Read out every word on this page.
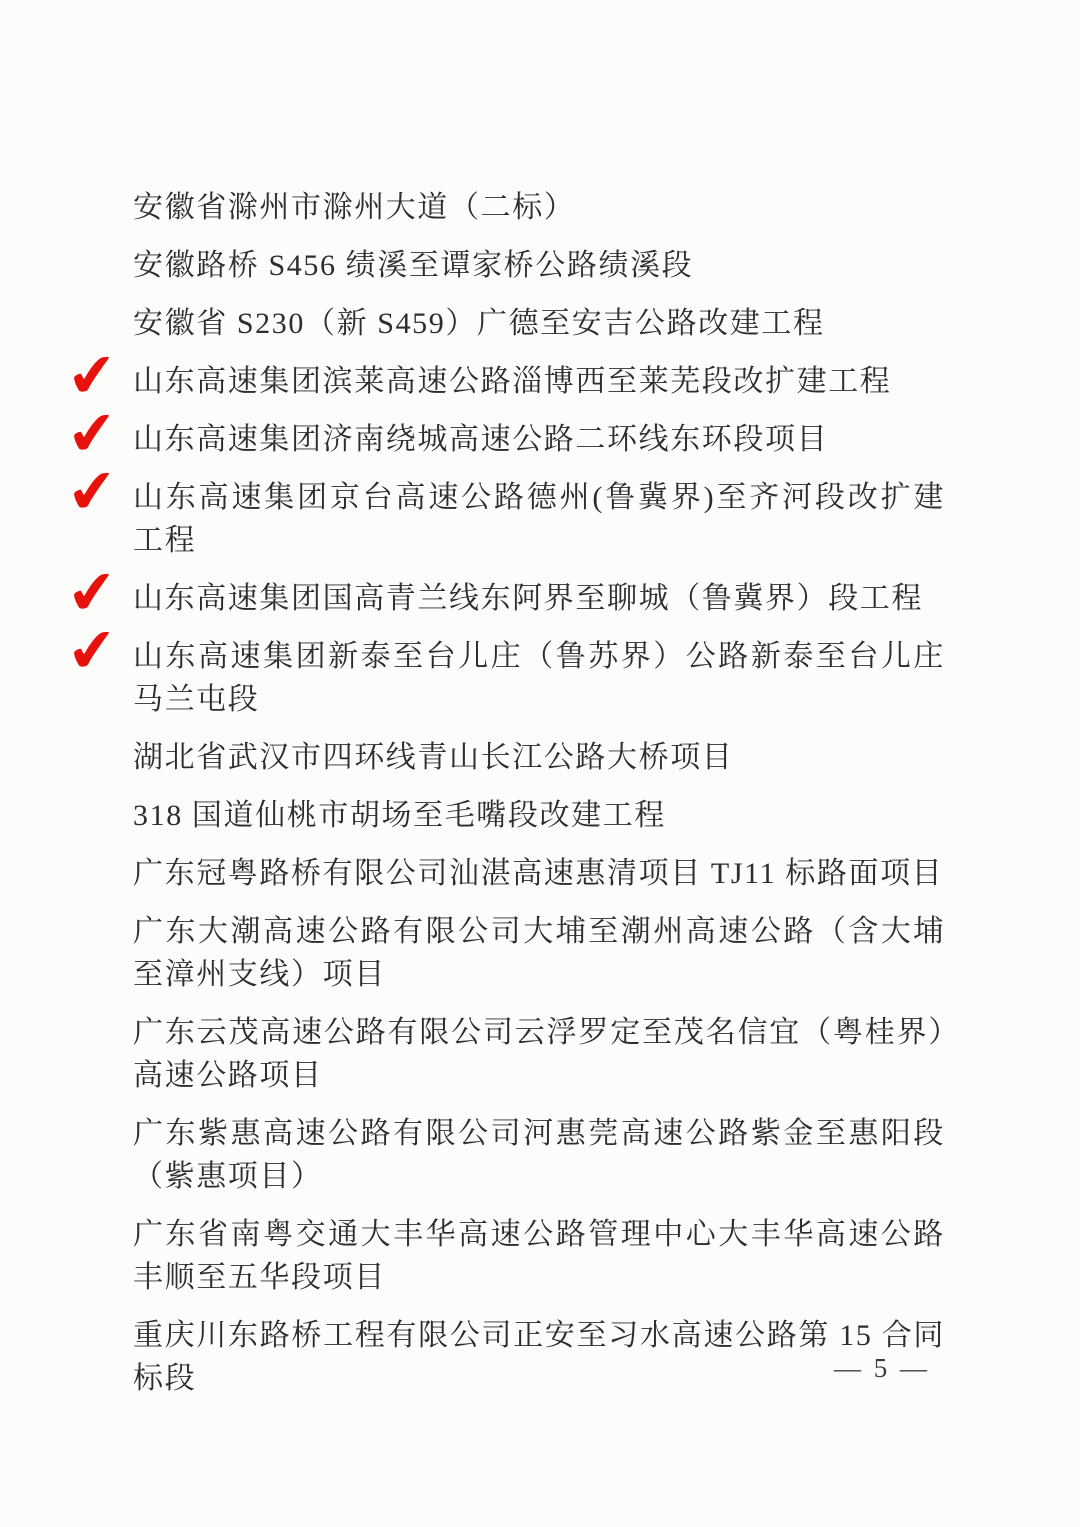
安徽省滁州市滁州大道（二标）
安徽路桥 S456 绩溪至谭家桥公路绩溪段
安徽省 S230（新 S459）广德至安吉公路改建工程
✔ 山东高速集团滨莱高速公路淄博西至莱芜段改扩建工程
✔ 山东高速集团济南绕城高速公路二环线东环段项目
✔ 山东高速集团京台高速公路德州(鲁冀界)至齐河段改扩建工程
✔ 山东高速集团国高青兰线东阿界至聊城（鲁冀界）段工程
✔ 山东高速集团新泰至台儿庄（鲁苏界）公路新泰至台儿庄马兰屯段
湖北省武汉市四环线青山长江公路大桥项目
318 国道仙桃市胡场至毛嘴段改建工程
广东冠粤路桥有限公司汕湛高速惠清项目 TJ11 标路面项目
广东大潮高速公路有限公司大埔至潮州高速公路（含大埔至漳州支线）项目
广东云茂高速公路有限公司云浮罗定至茂名信宜（粤桂界）高速公路项目
广东紫惠高速公路有限公司河惠莞高速公路紫金至惠阳段（紫惠项目）
广东省南粤交通大丰华高速公路管理中心大丰华高速公路丰顺至五华段项目
重庆川东路桥工程有限公司正安至习水高速公路第 15 合同标段	— 5 —
